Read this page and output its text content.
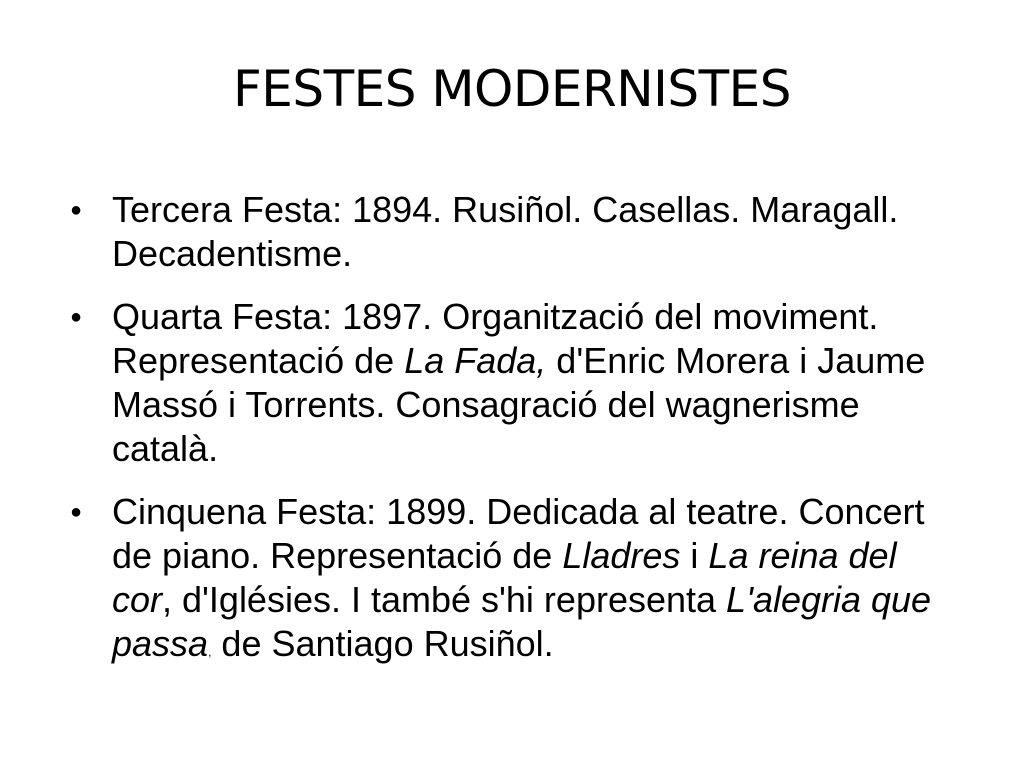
FESTES MODERNISTES
● Tercera Festa: 1894. Rusiñol. Casellas. Maragall. Decadentisme.
● Quarta Festa: 1897. Organització del moviment. Representació de La Fada, d'Enric Morera i Jaume Massó i Torrents. Consagració del wagnerisme català.
● Cinquena Festa: 1899. Dedicada al teatre. Concert de piano. Representació de Lladres i La reina del cor, d'Iglésies. I també s'hi representa L'alegria que passa, de Santiago Rusiñol.
